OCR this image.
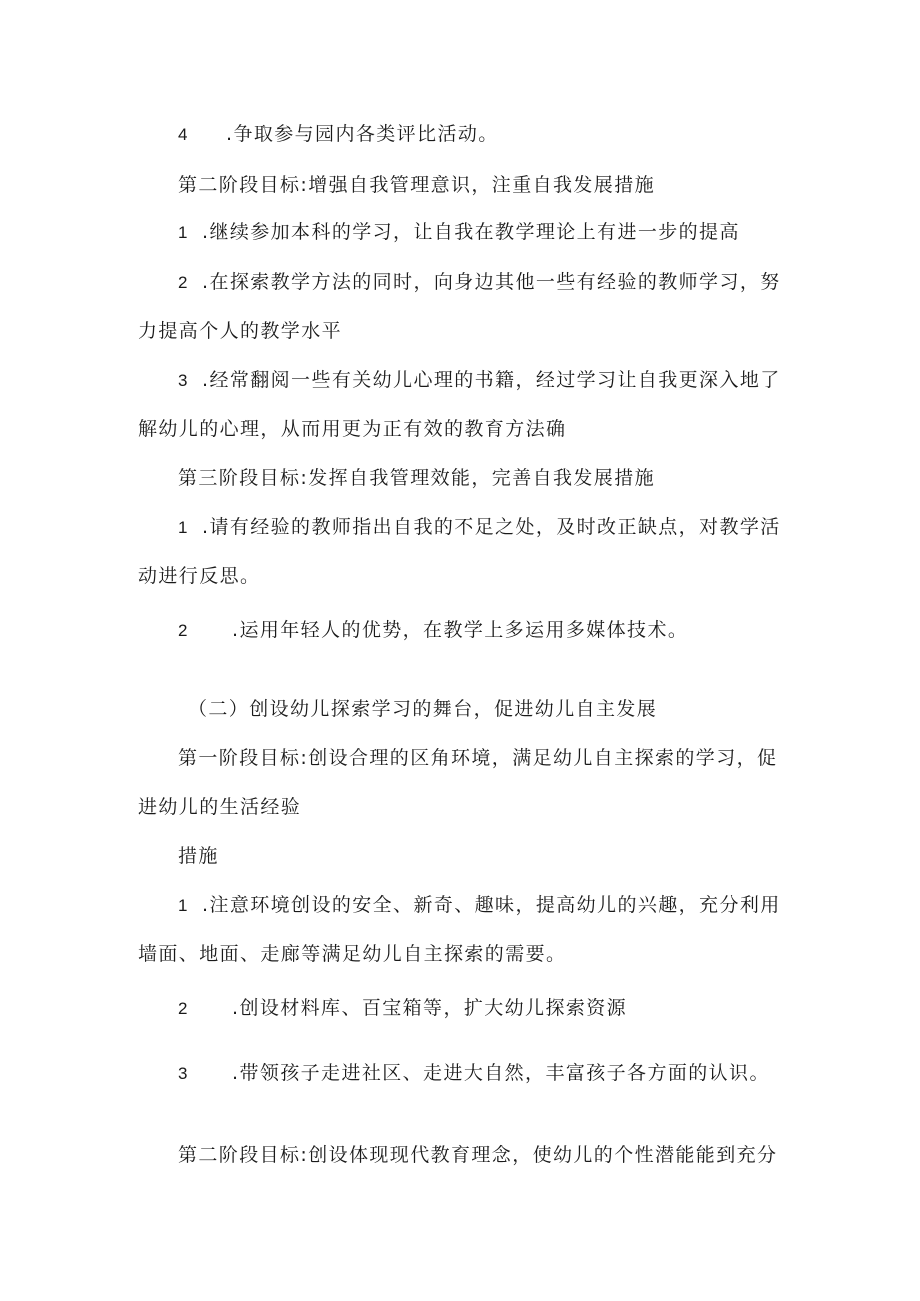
4 .争取参与园内各类评比活动。
第二阶段目标:增强自我管理意识，注重自我发展措施
1 .继续参加本科的学习，让自我在教学理论上有进一步的提高
2 .在探索教学方法的同时，向身边其他一些有经验的教师学习，努
力提高个人的教学水平
3 .经常翻阅一些有关幼儿心理的书籍，经过学习让自我更深入地了
解幼儿的心理，从而用更为正有效的教育方法确
第三阶段目标:发挥自我管理效能，完善自我发展措施
1 .请有经验的教师指出自我的不足之处，及时改正缺点，对教学活
动进行反思。
2 .运用年轻人的优势，在教学上多运用多媒体技术。
（二）创设幼儿探索学习的舞台，促进幼儿自主发展
第一阶段目标:创设合理的区角环境，满足幼儿自主探索的学习，促
进幼儿的生活经验
措施
1 .注意环境创设的安全、新奇、趣味，提高幼儿的兴趣，充分利用
墙面、地面、走廊等满足幼儿自主探索的需要。
2 .创设材料库、百宝箱等，扩大幼儿探索资源
3 .带领孩子走进社区、走进大自然，丰富孩子各方面的认识。
第二阶段目标:创设体现现代教育理念，使幼儿的个性潜能能到充分
